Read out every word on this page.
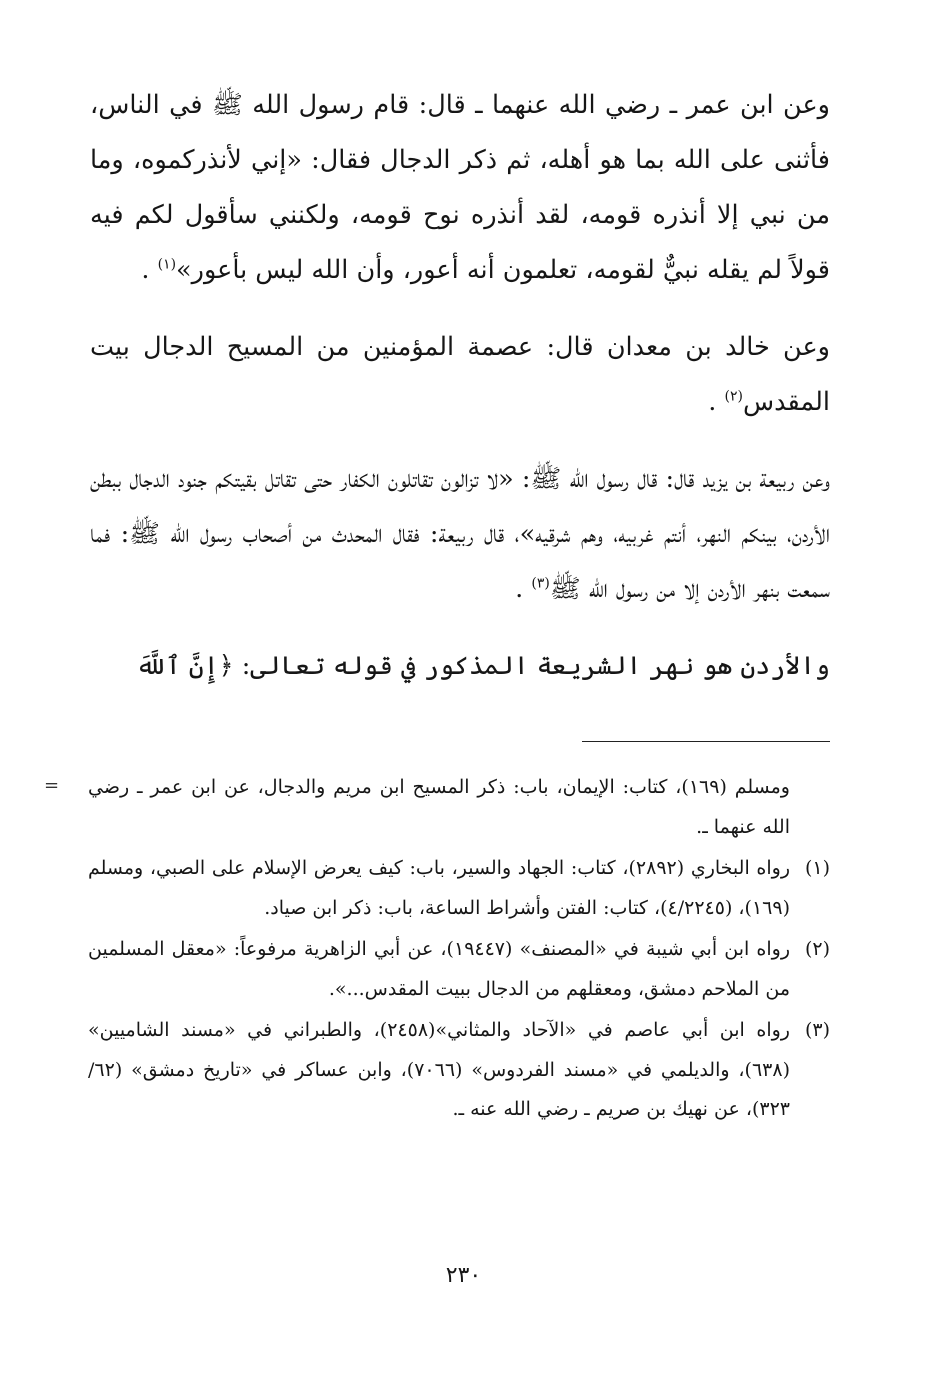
وعن ابن عمر ـ رضي الله عنهما ـ قال: قام رسول الله ﷺ في الناس، فأثنى على الله بما هو أهله، ثم ذكر الدجال فقال: «إني لأنذركموه، وما من نبي إلا أنذره قومه، لقد أنذره نوح قومه، ولكنني سأقول لكم فيه قولاً لم يقله نبيٌّ لقومه، تعلمون أنه أعور، وأن الله ليس بأعور»$^{(١)}$ .

وعن خالد بن معدان قال: عصمة المؤمنين من المسيح الدجال بيت المقدس$^{(٢)}$ .

وعن ربيعة بن يزيد قال: قال رسول الله ﷺ: «لا تزالون تقاتلون الكفار حتى تقاتل بقيتكم جنود الدجال ببطن الأردن، بينكم النهر، أنتم غربيه، وهم شرقيه»، قال ربيعة: فقال المحدث من أصحاب رسول الله ﷺ: فما سمعت بنهر الأردن إلا من رسول الله ﷺ$^{(٣)}$ .

والأردن هو نهر الشريعة المذكور في قوله تعالى: ﴿إِنَّ ٱللَّهَ

= ومسلم (١٦٩)، كتاب: الإيمان، باب: ذكر المسيح ابن مريم والدجال، عن ابن عمر ـ رضي الله عنهما ـ.
(١)
رواه البخاري (٢٨٩٢)، كتاب: الجهاد والسير، باب: كيف يعرض الإسلام على الصبي، ومسلم (١٦٩)، (٤/٢٢٤٥)، كتاب: الفتن وأشراط الساعة، باب: ذكر ابن صياد.
(٢)
رواه ابن أبي شيبة في «المصنف» (١٩٤٤٧)، عن أبي الزاهرية مرفوعاً: «معقل المسلمين من الملاحم دمشق، ومعقلهم من الدجال ببيت المقدس...».
(٣)
رواه ابن أبي عاصم في «الآحاد والمثاني»(٢٤٥٨)، والطبراني في «مسند الشاميين» (٦٣٨)، والديلمي في «مسند الفردوس» (٧٠٦٦)، وابن عساكر في «تاريخ دمشق» (٦٢/ ٣٢٣)، عن نهيك بن صريم ـ رضي الله عنه ـ.
٢٣٠
